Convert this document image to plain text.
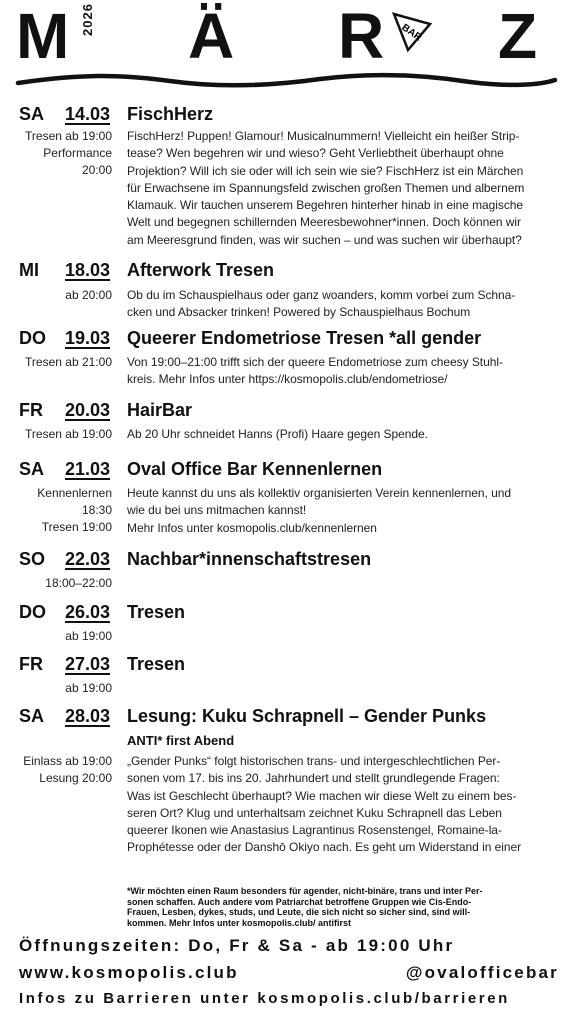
M 2026 Ä R BAR Z
SA 14.03 FischHerz
Tresen ab 19:00
Performance
20:00
FischHerz! Puppen! Glamour! Musicalnummern! Vielleicht ein heißer Strip-
tease? Wen begehren wir und wieso? Geht Verliebtheit überhaupt ohne
Projektion? Will ich sie oder will ich sein wie sie? FischHerz ist ein Märchen
für Erwachsene im Spannungsfeld zwischen großen Themen und albernem
Klamauk. Wir tauchen unserem Begehren hinterher hinab in eine magische
Welt und begegnen schillernden Meeresbewohner*innen. Doch können wir
am Meeresgrund finden, was wir suchen – und was suchen wir überhaupt?
MI 18.03 Afterwork Tresen
ab 20:00 Ob du im Schauspielhaus oder ganz woanders, komm vorbei zum Schna-
cken und Absacker trinken! Powered by Schauspielhaus Bochum
DO 19.03 Queerer Endometriose Tresen *all gender
Tresen ab 21:00 Von 19:00–21:00 trifft sich der queere Endometriose zum cheesy Stuhl-
kreis. Mehr Infos unter https://kosmopolis.club/endometriose/
FR 20.03 HairBar
Tresen ab 19:00 Ab 20 Uhr schneidet Hanns (Profi) Haare gegen Spende.
SA 21.03 Oval Office Bar Kennenlernen
Kennenlernen
18:30
Tresen 19:00
Heute kannst du uns als kollektiv organisierten Verein kennenlernen, und
wie du bei uns mitmachen kannst!
Mehr Infos unter kosmopolis.club/kennenlernen
SO 22.03 Nachbar*innenschaftstresen
18:00–22:00
DO 26.03 Tresen
ab 19:00
FR 27.03 Tresen
ab 19:00
SA 28.03 Lesung: Kuku Schrapnell – Gender Punks
ANTI* first Abend
Einlass ab 19:00
Lesung 20:00
„Gender Punks“ folgt historischen trans- und intergeschlechtlichen Per-
sonen vom 17. bis ins 20. Jahrhundert und stellt grundlegende Fragen:
Was ist Geschlecht überhaupt? Wie machen wir diese Welt zu einem bes-
seren Ort? Klug und unterhaltsam zeichnet Kuku Schrapnell das Leben
queerer Ikonen wie Anastasius Lagrantinus Rosenstengel, Romaine-la-
Prophétesse oder der Danshō Okiyo nach. Es geht um Widerstand in einer
*Wir möchten einen Raum besonders für agender, nicht-binäre, trans und inter Per-
sonen schaffen. Auch andere vom Patriarchat betroffene Gruppen wie Cis-Endo-
Frauen, Lesben, dykes, studs, und Leute, die sich nicht so sicher sind, sind will-
kommen. Mehr Infos unter kosmopolis.club/ antifirst
Öffnungszeiten: Do, Fr & Sa - ab 19:00 Uhr
www.kosmopolis.club	@ovalofficebar
Infos zu Barrieren unter kosmopolis.club/barrieren
